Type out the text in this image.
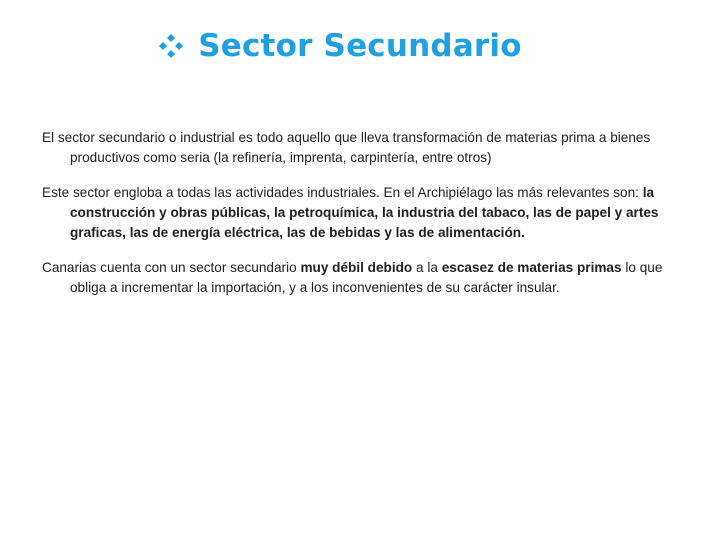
Sector Secundario

El sector secundario o industrial es todo aquello que lleva transformación de materias prima a bienes productivos como seria (la refinería, imprenta, carpintería, entre otros)

Este sector engloba a todas las actividades industriales. En el Archipiélago las más relevantes son: la construcción y obras públicas, la petroquímica, la industria del tabaco, las de papel y artes graficas, las de energía eléctrica, las de bebidas y las de alimentación.

Canarias cuenta con un sector secundario muy débil debido a la escasez de materias primas lo que obliga a incrementar la importación, y a los inconvenientes de su carácter insular.
